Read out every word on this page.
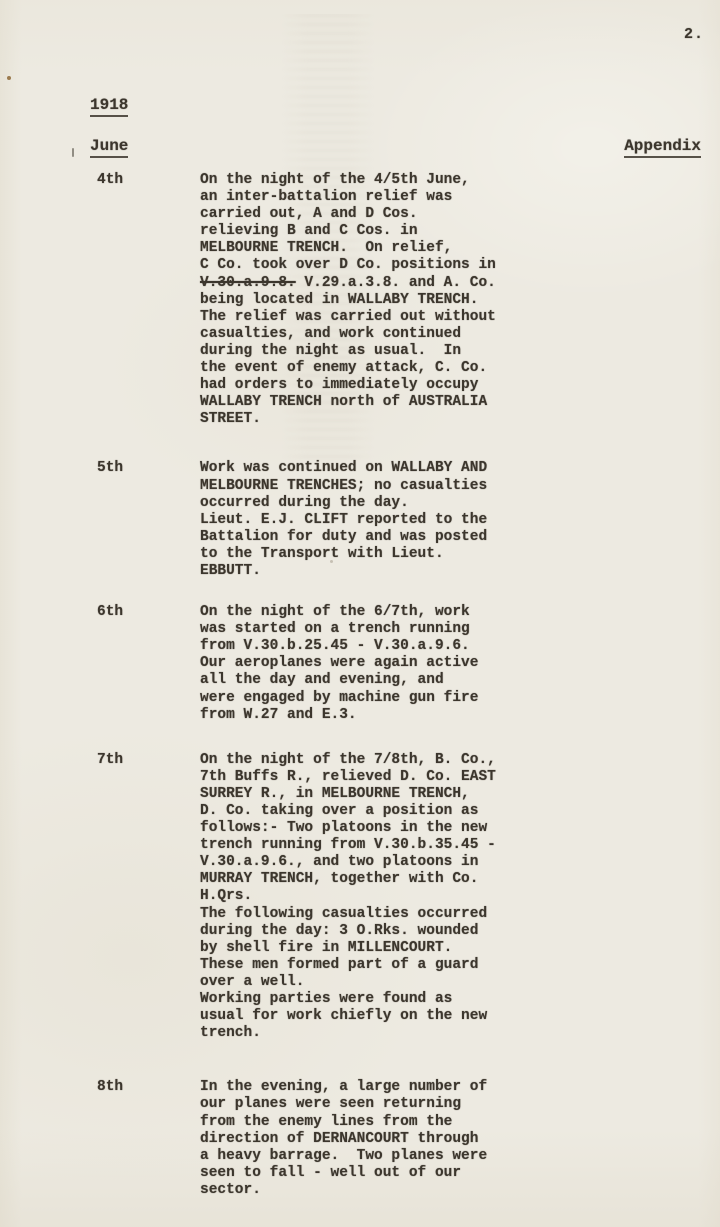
2.
1918
June	Appendix
4th	On the night of the 4/5th June,
an inter-battalion relief was
carried out, A and D Cos.
relieving B and C Cos. in
MELBOURNE TRENCH.  On relief,
C Co. took over D Co. positions in
V.30.a.9.8. V.29.a.3.8. and A. Co.
being located in WALLABY TRENCH.
The relief was carried out without
casualties, and work continued
during the night as usual.  In
the event of enemy attack, C. Co.
had orders to immediately occupy
WALLABY TRENCH north of AUSTRALIA
STREET.
5th	Work was continued on WALLABY AND
MELBOURNE TRENCHES; no casualties
occurred during the day.
Lieut. E.J. CLIFT reported to the
Battalion for duty and was posted
to the Transport with Lieut.
EBBUTT.
6th	On the night of the 6/7th, work
was started on a trench running
from V.30.b.25.45 - V.30.a.9.6.
Our aeroplanes were again active
all the day and evening, and
were engaged by machine gun fire
from W.27 and E.3.
7th	On the night of the 7/8th, B. Co.,
7th Buffs R., relieved D. Co. EAST
SURREY R., in MELBOURNE TRENCH,
D. Co. taking over a position as
follows:- Two platoons in the new
trench running from V.30.b.35.45 -
V.30.a.9.6., and two platoons in
MURRAY TRENCH, together with Co.
H.Qrs.
The following casualties occurred
during the day: 3 O.Rks. wounded
by shell fire in MILLENCOURT.
These men formed part of a guard
over a well.
Working parties were found as
usual for work chiefly on the new
trench.
8th	In the evening, a large number of
our planes were seen returning
from the enemy lines from the
direction of DERNANCOURT through
a heavy barrage.  Two planes were
seen to fall - well out of our
sector.
